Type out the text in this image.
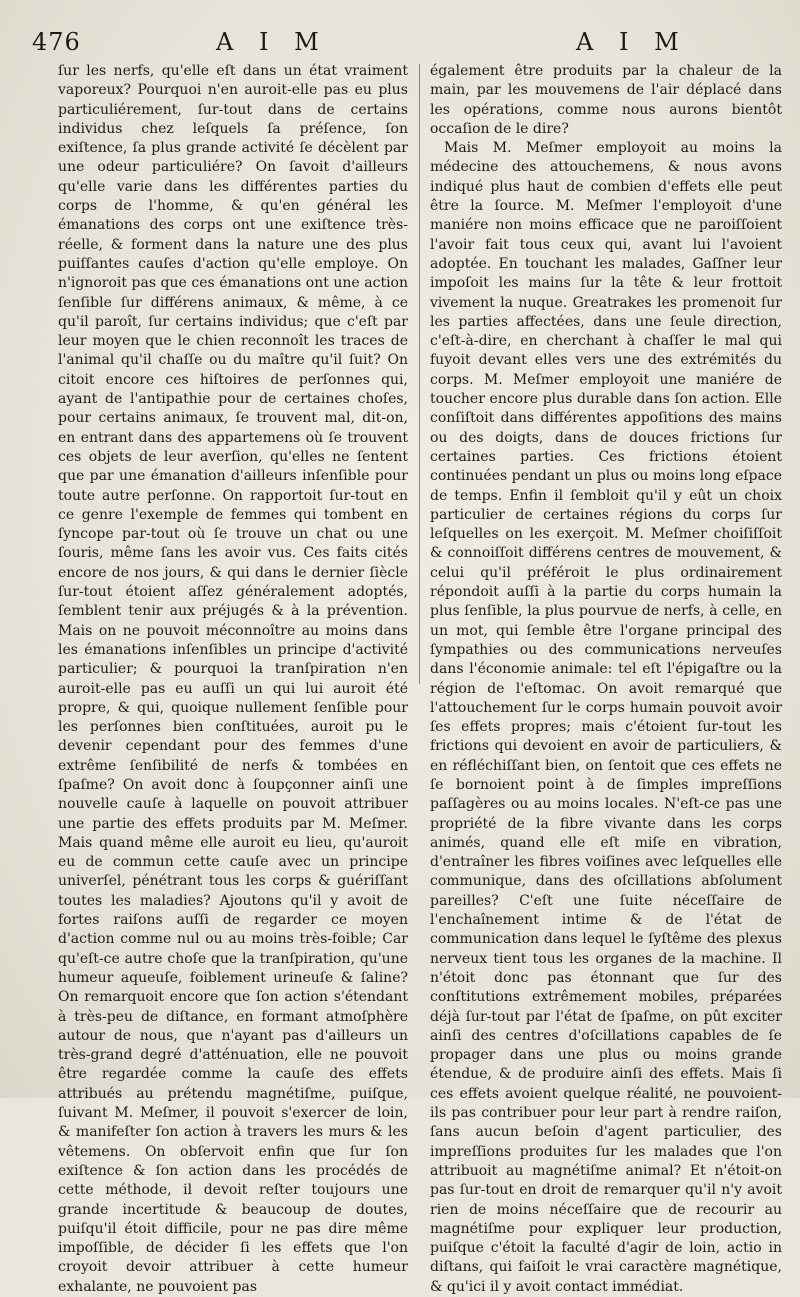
476	A I M	A I M

ſur les nerfs, qu'elle eſt dans un état vraiment vaporeux? Pourquoi n'en auroit-elle pas eu plus particuliérement, ſur-tout dans de certains individus chez leſquels ſa préſence, ſon exiſtence, ſa plus grande activité ſe décèlent par une odeur particuliére? On ſavoit d'ailleurs qu'elle varie dans les différentes parties du corps de l'homme, & qu'en général les émanations des corps ont une exiſtence très-réelle, & forment dans la nature une des plus puiſſantes cauſes d'action qu'elle employe. On n'ignoroit pas que ces émanations ont une action ſenſible ſur différens animaux, & même, à ce qu'il paroît, ſur certains individus; que c'eſt par leur moyen que le chien reconnoît les traces de l'animal qu'il chaſſe ou du maître qu'il ſuit? On citoit encore ces hiſtoires de perſonnes qui, ayant de l'antipathie pour de certaines choſes, pour certains animaux, ſe trouvent mal, dit-on, en entrant dans des appartemens où ſe trouvent ces objets de leur averſion, qu'elles ne ſentent que par une émanation d'ailleurs inſenſible pour toute autre perſonne. On rapportoit ſur-tout en ce genre l'exemple de femmes qui tombent en ſyncope par-tout où ſe trouve un chat ou une ſouris, même ſans les avoir vus. Ces faits cités encore de nos jours, & qui dans le dernier ſiècle ſur-tout étoient aſſez généralement adoptés, ſemblent tenir aux préjugés & à la prévention. Mais on ne pouvoit méconnoître au moins dans les émanations inſenſibles un principe d'activité particulier; & pourquoi la tranſpiration n'en auroit-elle pas eu auſſi un qui lui auroit été propre, & qui, quoique nullement ſenſible pour les perſonnes bien conſtituées, auroit pu le devenir cependant pour des femmes d'une extrême ſenſibilité de nerfs & tombées en ſpaſme? On avoit donc à ſoupçonner ainſi une nouvelle cauſe à laquelle on pouvoit attribuer une partie des effets produits par M. Meſmer. Mais quand même elle auroit eu lieu, qu'auroit eu de commun cette cauſe avec un principe univerſel, pénétrant tous les corps & guériſſant toutes les maladies? Ajoutons qu'il y avoit de fortes raiſons auſſi de regarder ce moyen d'action comme nul ou au moins très-foible; Car qu'eſt-ce autre choſe que la tranſpiration, qu'une humeur aqueuſe, foiblement urineuſe & ſaline? On remarquoit encore que ſon action s'étendant à très-peu de diſtance, en formant atmoſphère autour de nous, que n'ayant pas d'ailleurs un très-grand degré d'atténuation, elle ne pouvoit être regardée comme la cauſe des effets attribués au prétendu magnétiſme, puiſque, ſuivant M. Meſmer, il pouvoit s'exercer de loin, & manifeſter ſon action à travers les murs & les vêtemens. On obſervoit enfin que ſur ſon exiſtence & ſon action dans les procédés de cette méthode, il devoit reſter toujours une grande incertitude & beaucoup de doutes, puiſqu'il étoit difficile, pour ne pas dire même impoſſible, de décider ſi les effets que l'on croyoit devoir attribuer à cette humeur exhalante, ne pouvoient pas

également être produits par la chaleur de la main, par les mouvemens de l'air déplacé dans les opérations, comme nous aurons bientôt occaſion de le dire?

Mais M. Meſmer employoit au moins la médecine des attouchemens, & nous avons indiqué plus haut de combien d'effets elle peut être la ſource. M. Meſmer l'employoit d'une maniére non moins efficace que ne paroiſſoient l'avoir fait tous ceux qui, avant lui l'avoient adoptée. En touchant les malades, Gaſſner leur impoſoit les mains ſur la tête & leur frottoit vivement la nuque. Greatrakes les promenoit ſur les parties affectées, dans une ſeule direction, c'eſt-à-dire, en cherchant à chaſſer le mal qui fuyoit devant elles vers une des extrémités du corps. M. Meſmer employoit une maniére de toucher encore plus durable dans ſon action. Elle conſiſtoit dans différentes appoſitions des mains ou des doigts, dans de douces frictions ſur certaines parties. Ces frictions étoient continuées pendant un plus ou moins long eſpace de temps. Enfin il ſembloit qu'il y eût un choix particulier de certaines régions du corps ſur leſquelles on les exerçoit. M. Meſmer choiſiſſoit & connoiſſoit différens centres de mouvement, & celui qu'il préféroit le plus ordinairement répondoit auſſi à la partie du corps humain la plus ſenſible, la plus pourvue de nerfs, à celle, en un mot, qui ſemble être l'organe principal des ſympathies ou des communications nerveuſes dans l'économie animale: tel eſt l'épigaſtre ou la région de l'eſtomac. On avoit remarqué que l'attouchement ſur le corps humain pouvoit avoir ſes effets propres; mais c'étoient ſur-tout les frictions qui devoient en avoir de particuliers, & en réfléchiſſant bien, on ſentoit que ces effets ne ſe bornoient point à de ſimples impreſſions paſſagères ou au moins locales. N'eſt-ce pas une propriété de la fibre vivante dans les corps animés, quand elle eſt miſe en vibration, d'entraîner les fibres voiſines avec leſquelles elle communique, dans des oſcillations abſolument pareilles? C'eſt une ſuite néceſſaire de l'enchaînement intime & de l'état de communication dans lequel le ſyſtême des plexus nerveux tient tous les organes de la machine. Il n'étoit donc pas étonnant que ſur des conſtitutions extrêmement mobiles, préparées déjà ſur-tout par l'état de ſpaſme, on pût exciter ainſi des centres d'oſcillations capables de ſe propager dans une plus ou moins grande étendue, & de produire ainſi des effets. Mais ſi ces effets avoient quelque réalité, ne pouvoient-ils pas contribuer pour leur part à rendre raiſon, ſans aucun beſoin d'agent particulier, des impreſſions produites ſur les malades que l'on attribuoit au magnétiſme animal? Et n'étoit-on pas ſur-tout en droit de remarquer qu'il n'y avoit rien de moins néceſſaire que de recourir au magnétiſme pour expliquer leur production, puiſque c'étoit la faculté d'agir de loin, actio in diſtans, qui faiſoit le vrai caractère magnétique, & qu'ici il y avoit contact immédiat.
